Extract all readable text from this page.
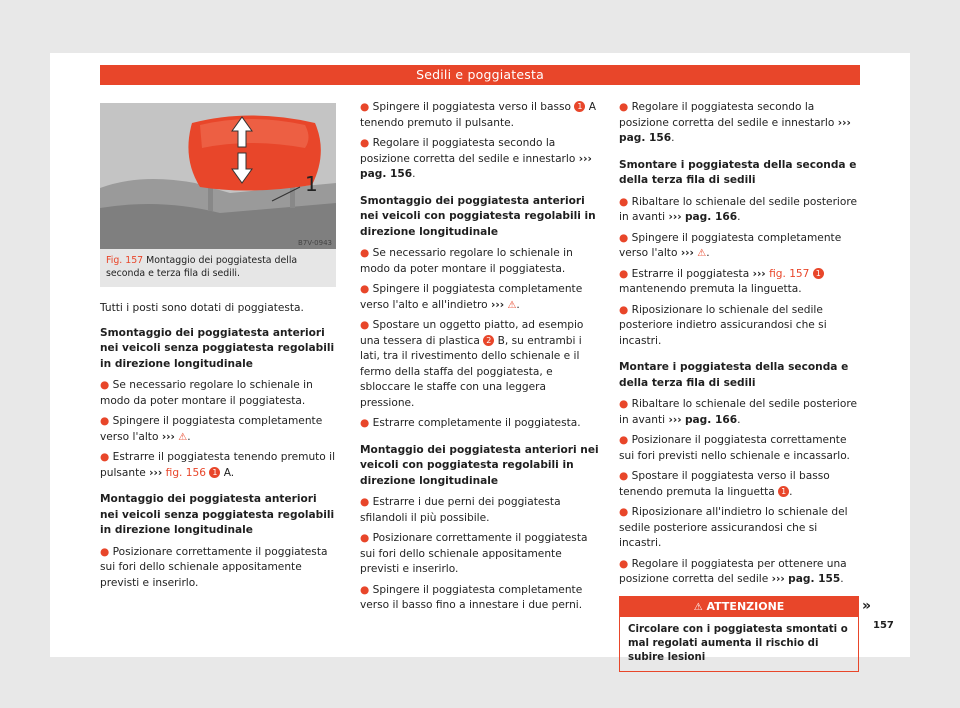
Sedili e poggiatesta
1
B7V-0943
Fig. 157 Montaggio dei poggiatesta della seconda e terza fila di sedili.

Tutti i posti sono dotati di poggiatesta.

Smontaggio dei poggiatesta anteriori nei veicoli senza poggiatesta regolabili in direzione longitudinale

● Se necessario regolare lo schienale in modo da poter montare il poggiatesta.

● Spingere il poggiatesta completamente verso l'alto ››› ⚠.

● Estrarre il poggiatesta tenendo premuto il pulsante ››› fig. 156 1 A.

Montaggio dei poggiatesta anteriori nei veicoli senza poggiatesta regolabili in direzione longitudinale

● Posizionare correttamente il poggiatesta sui fori dello schienale appositamente previsti e inserirlo.

● Spingere il poggiatesta verso il basso 1 A tenendo premuto il pulsante.

● Regolare il poggiatesta secondo la posizione corretta del sedile e innestarlo ››› pag. 156.

Smontaggio dei poggiatesta anteriori nei veicoli con poggiatesta regolabili in direzione longitudinale

● Se necessario regolare lo schienale in modo da poter montare il poggiatesta.

● Spingere il poggiatesta completamente verso l'alto e all'indietro ››› ⚠.

● Spostare un oggetto piatto, ad esempio una tessera di plastica 2 B, su entrambi i lati, tra il rivestimento dello schienale e il fermo della staffa del poggiatesta, e sbloccare le staffe con una leggera pressione.

● Estrarre completamente il poggiatesta.

Montaggio dei poggiatesta anteriori nei veicoli con poggiatesta regolabili in direzione longitudinale

● Estrarre i due perni dei poggiatesta sfilandoli il più possibile.

● Posizionare correttamente il poggiatesta sui fori dello schienale appositamente previsti e inserirlo.

● Spingere il poggiatesta completamente verso il basso fino a innestare i due perni.

● Regolare il poggiatesta secondo la posizione corretta del sedile e innestarlo ››› pag. 156.

Smontare i poggiatesta della seconda e della terza fila di sedili

● Ribaltare lo schienale del sedile posteriore in avanti ››› pag. 166.

● Spingere il poggiatesta completamente verso l'alto ››› ⚠.

● Estrarre il poggiatesta ››› fig. 157 1 mantenendo premuta la linguetta.

● Riposizionare lo schienale del sedile posteriore indietro assicurandosi che si incastri.

Montare i poggiatesta della seconda e della terza fila di sedili

● Ribaltare lo schienale del sedile posteriore in avanti ››› pag. 166.

● Posizionare il poggiatesta correttamente sui fori previsti nello schienale e incassarlo.

● Spostare il poggiatesta verso il basso tenendo premuta la linguetta 1 .

● Riposizionare all'indietro lo schienale del sedile posteriore assicurandosi che si incastri.

● Regolare il poggiatesta per ottenere una posizione corretta del sedile ››› pag. 155.

⚠ ATTENZIONE
Circolare con i poggiatesta smontati o mal regolati aumenta il rischio di subire lesioni
»
157
